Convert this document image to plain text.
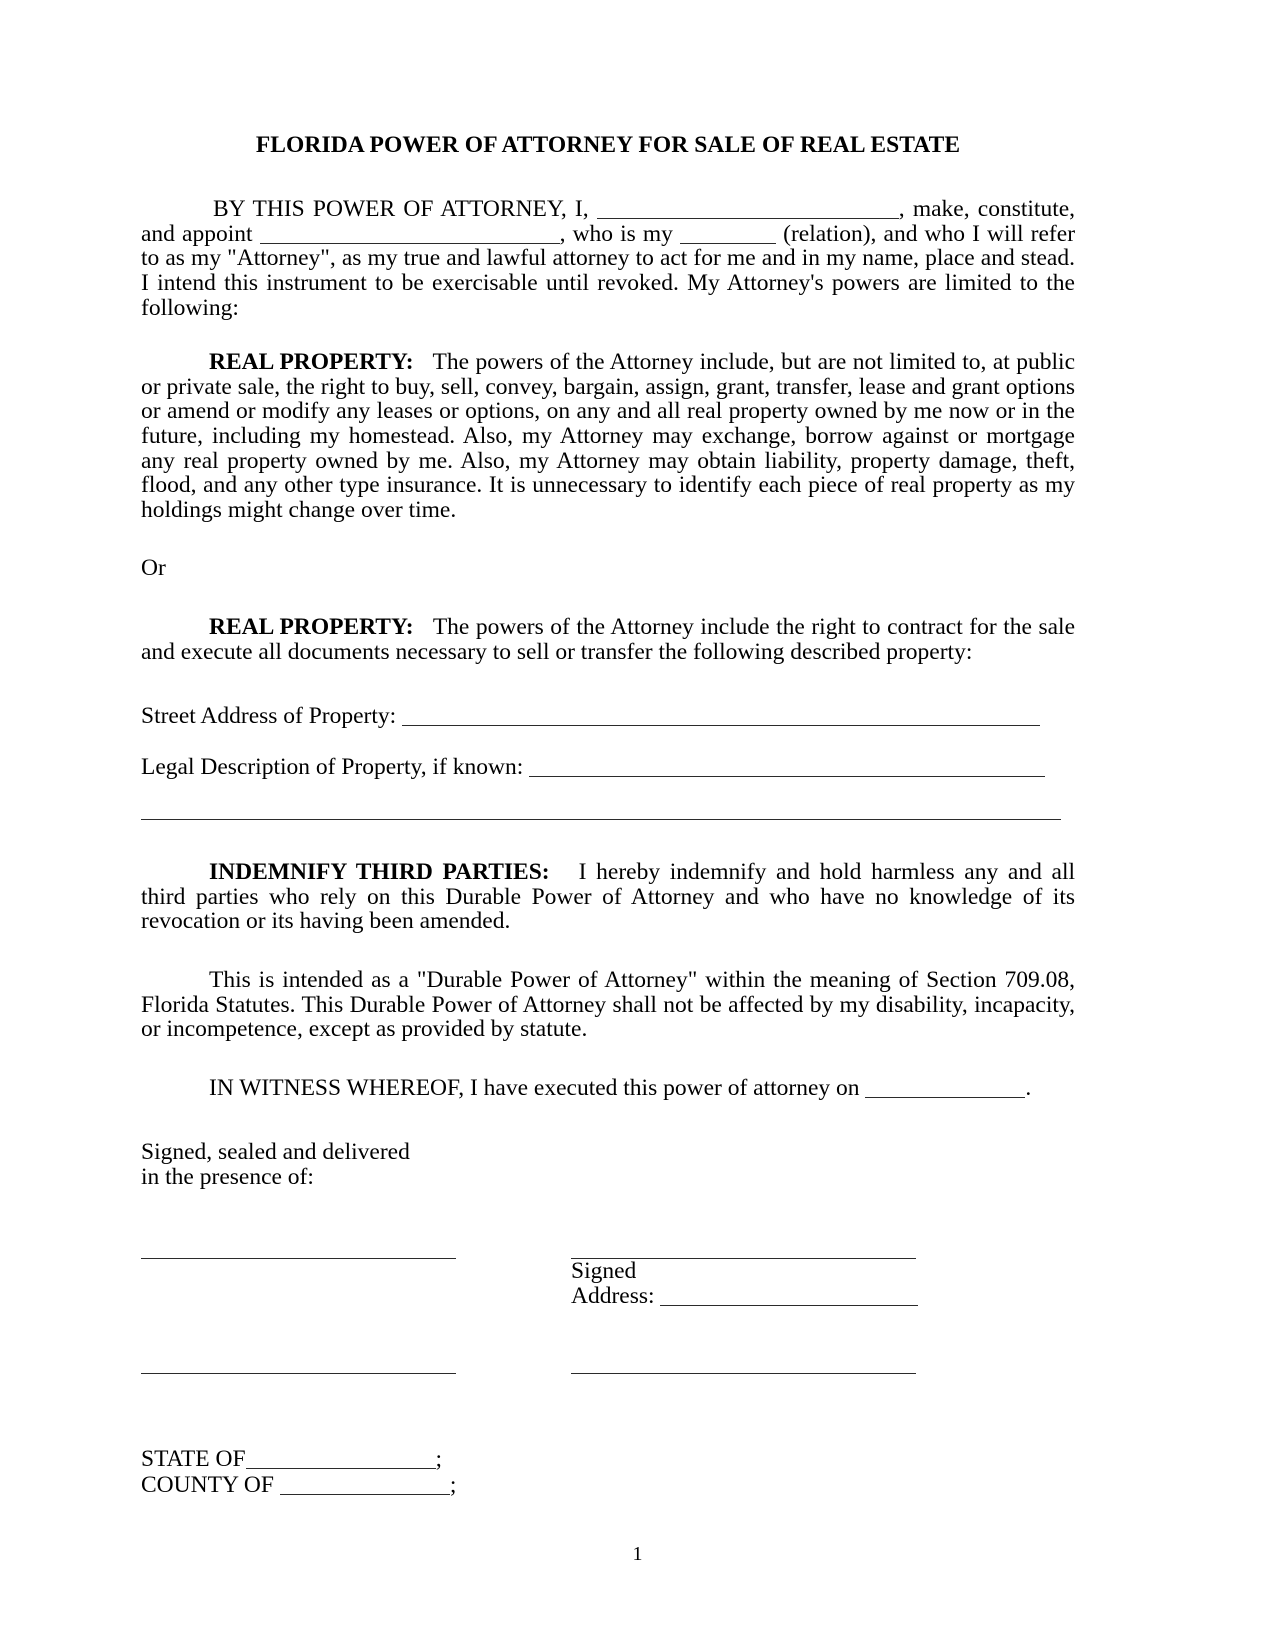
FLORIDA POWER OF ATTORNEY FOR SALE OF REAL ESTATE

BY THIS POWER OF ATTORNEY, I,	, make, constitute, and appoint	, who is my	(relation), and who I will refer to as my "Attorney", as my true and lawful attorney to act for me and in my name, place and stead. I intend this instrument to be exercisable until revoked. My Attorney's powers are limited to the following:

REAL PROPERTY: The powers of the Attorney include, but are not limited to, at public or private sale, the right to buy, sell, convey, bargain, assign, grant, transfer, lease and grant options or amend or modify any leases or options, on any and all real property owned by me now or in the future, including my homestead. Also, my Attorney may exchange, borrow against or mortgage any real property owned by me. Also, my Attorney may obtain liability, property damage, theft, flood, and any other type insurance. It is unnecessary to identify each piece of real property as my holdings might change over time.

Or

REAL PROPERTY: The powers of the Attorney include the right to contract for the sale and execute all documents necessary to sell or transfer the following described property:

Street Address of Property:

Legal Description of Property, if known:

INDEMNIFY THIRD PARTIES: I hereby indemnify and hold harmless any and all third parties who rely on this Durable Power of Attorney and who have no knowledge of its revocation or its having been amended.

This is intended as a "Durable Power of Attorney" within the meaning of Section 709.08, Florida Statutes. This Durable Power of Attorney shall not be affected by my disability, incapacity, or incompetence, except as provided by statute.

IN WITNESS WHEREOF, I have executed this power of attorney on	.

Signed, sealed and delivered

in the presence of:

Signed
Address:
STATE OF	;
COUNTY OF	;
1
